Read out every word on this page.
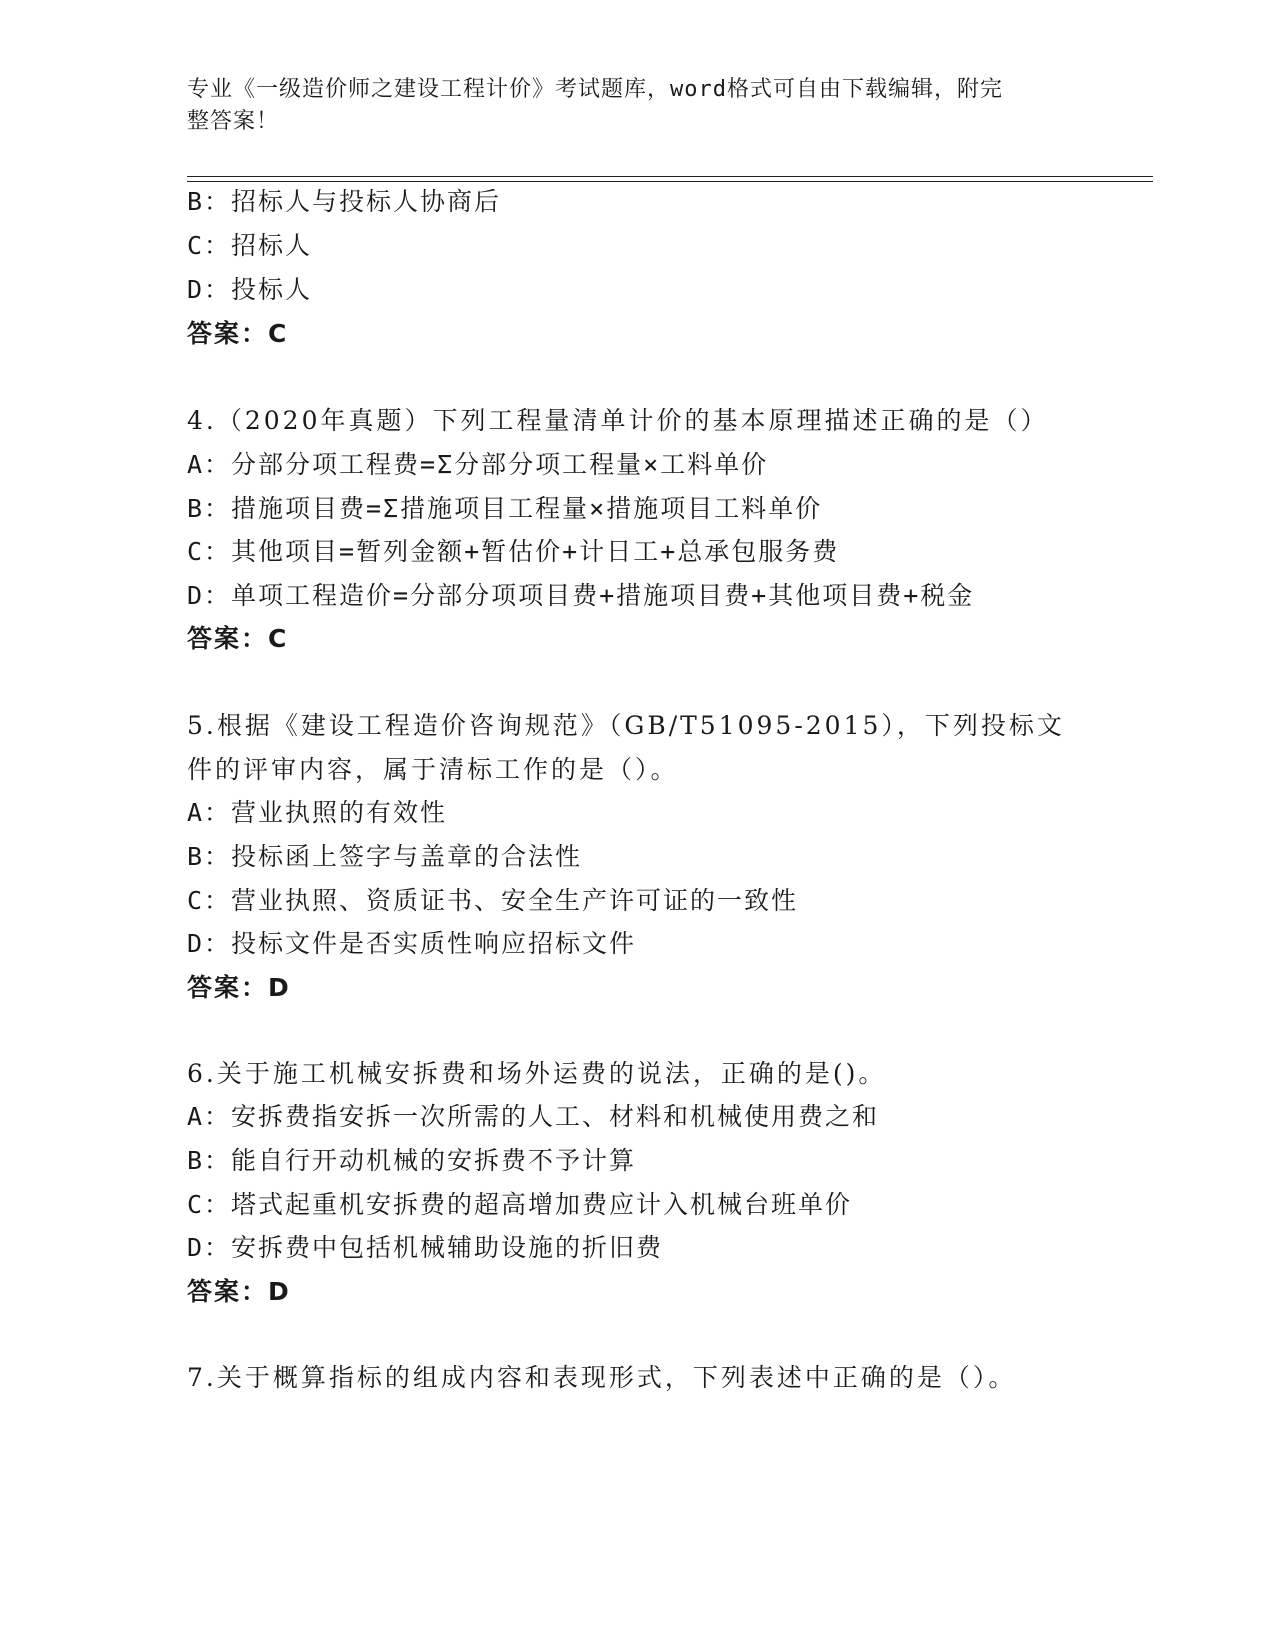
专业《一级造价师之建设工程计价》考试题库，word格式可自由下载编辑，附完
整答案！
B：招标人与投标人协商后
C：招标人
D：投标人
答案：C
4.（2020年真题）下列工程量清单计价的基本原理描述正确的是（）
A：分部分项工程费=Σ分部分项工程量×工料单价
B：措施项目费=Σ措施项目工程量×措施项目工料单价
C：其他项目=暂列金额+暂估价+计日工+总承包服务费
D：单项工程造价=分部分项项目费+措施项目费+其他项目费+税金
答案：C
5.根据《建设工程造价咨询规范》（GB/T51095-2015），下列投标文
件的评审内容，属于清标工作的是（）。
A：营业执照的有效性
B：投标函上签字与盖章的合法性
C：营业执照、资质证书、安全生产许可证的一致性
D：投标文件是否实质性响应招标文件
答案：D
6.关于施工机械安拆费和场外运费的说法，正确的是()。
A：安拆费指安拆一次所需的人工、材料和机械使用费之和
B：能自行开动机械的安拆费不予计算
C：塔式起重机安拆费的超高增加费应计入机械台班单价
D：安拆费中包括机械辅助设施的折旧费
答案：D
7.关于概算指标的组成内容和表现形式，下列表述中正确的是（）。
